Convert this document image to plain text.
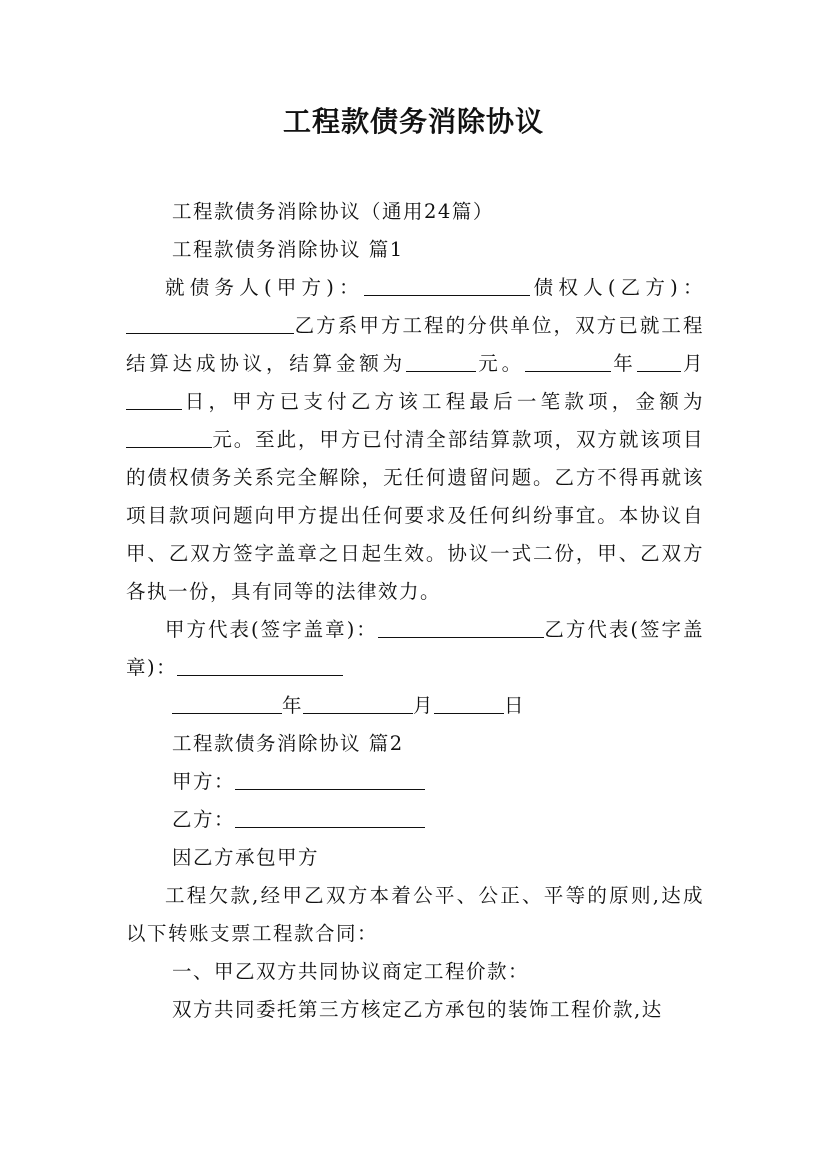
工程款债务消除协议

工程款债务消除协议（通用24篇）

工程款债务消除协议 篇1

就债务人(甲方)：	债权人(乙方)：乙方系甲方工程的分供单位，双方已就工程结算达成协议，结算金额为	元。	年 月日，甲方已支付乙方该工程最后一笔款项，金额为元。至此，甲方已付清全部结算款项，双方就该项目的债权债务关系完全解除，无任何遗留问题。乙方不得再就该项目款项问题向甲方提出任何要求及任何纠纷事宜。本协议自甲、乙双方签字盖章之日起生效。协议一式二份，甲、乙双方各执一份，具有同等的法律效力。

甲方代表(签字盖章)：	乙方代表(签字盖章)：

年	月	日

工程款债务消除协议 篇2

甲方：

乙方：

因乙方承包甲方

工程欠款,经甲乙双方本着公平、公正、平等的原则,达成以下转账支票工程款合同：

一、甲乙双方共同协议商定工程价款：

双方共同委托第三方核定乙方承包的装饰工程价款,达
